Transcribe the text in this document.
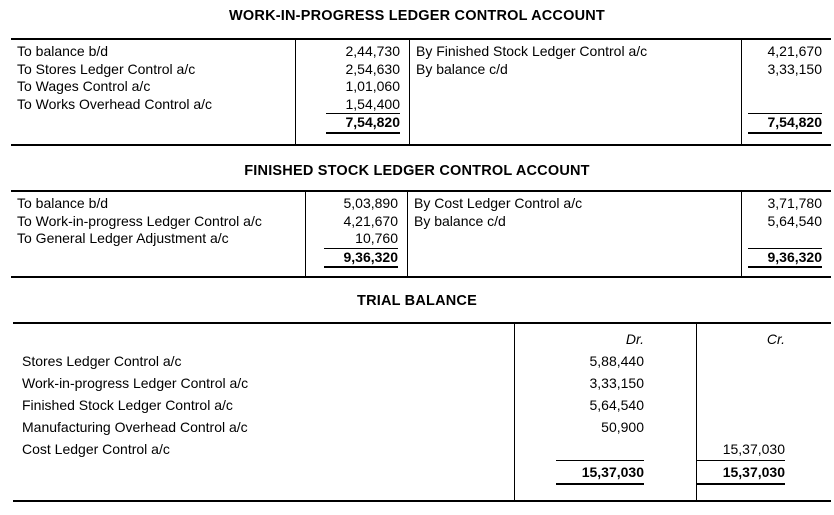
WORK-IN-PROGRESS LEDGER CONTROL ACCOUNT
To balance b/d
To Stores Ledger Control a/c
To Wages Control a/c
To Works Overhead Control a/c
2,44,730
2,54,630
1,01,060
1,54,400
7,54,820
By Finished Stock Ledger Control a/c
By balance c/d
4,21,670
3,33,150

7,54,820
FINISHED STOCK LEDGER CONTROL ACCOUNT
To balance b/d
To Work-in-progress Ledger Control a/c
To General Ledger Adjustment a/c
5,03,890
4,21,670
10,760
9,36,320
By Cost Ledger Control a/c
By balance c/d
3,71,780
5,64,540

9,36,320
TRIAL BALANCE
Stores Ledger Control a/c
Work-in-progress Ledger Control a/c
Finished Stock Ledger Control a/c
Manufacturing Overhead Control a/c
Cost Ledger Control a/c
Dr.
5,88,440
3,33,150
5,64,540
50,900

15,37,030
Cr.

15,37,030
15,37,030
